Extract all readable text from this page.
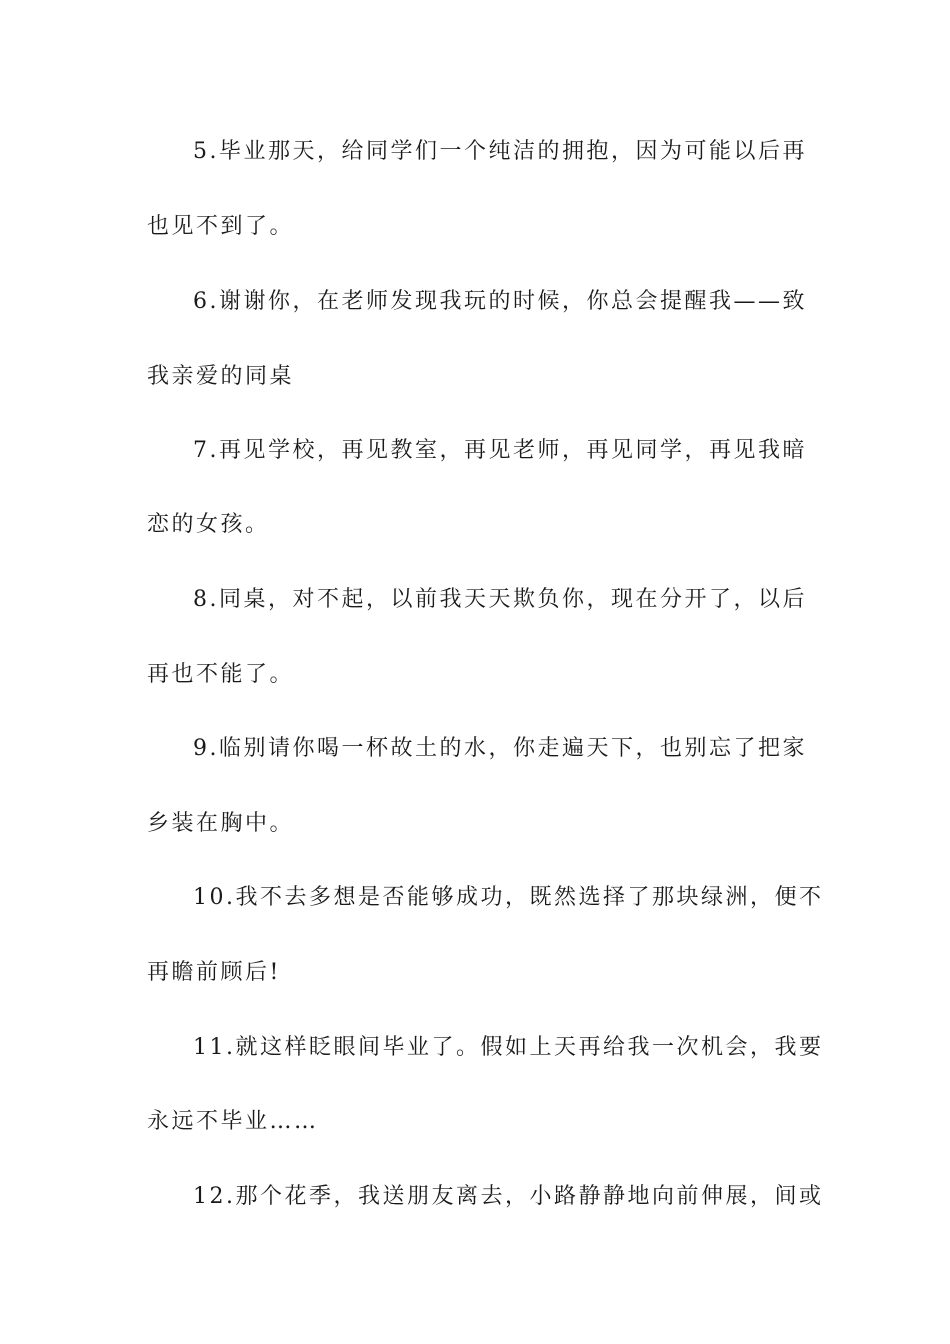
5.毕业那天，给同学们一个纯洁的拥抱，因为可能以后再
也见不到了。
6.谢谢你，在老师发现我玩的时候，你总会提醒我——致
我亲爱的同桌
7.再见学校，再见教室，再见老师，再见同学，再见我暗
恋的女孩。
8.同桌，对不起，以前我天天欺负你，现在分开了，以后
再也不能了。
9.临别请你喝一杯故土的水，你走遍天下，也别忘了把家
乡装在胸中。
10.我不去多想是否能够成功，既然选择了那块绿洲，便不
再瞻前顾后!
11.就这样眨眼间毕业了。假如上天再给我一次机会，我要
永远不毕业……
12.那个花季，我送朋友离去，小路静静地向前伸展，间或
